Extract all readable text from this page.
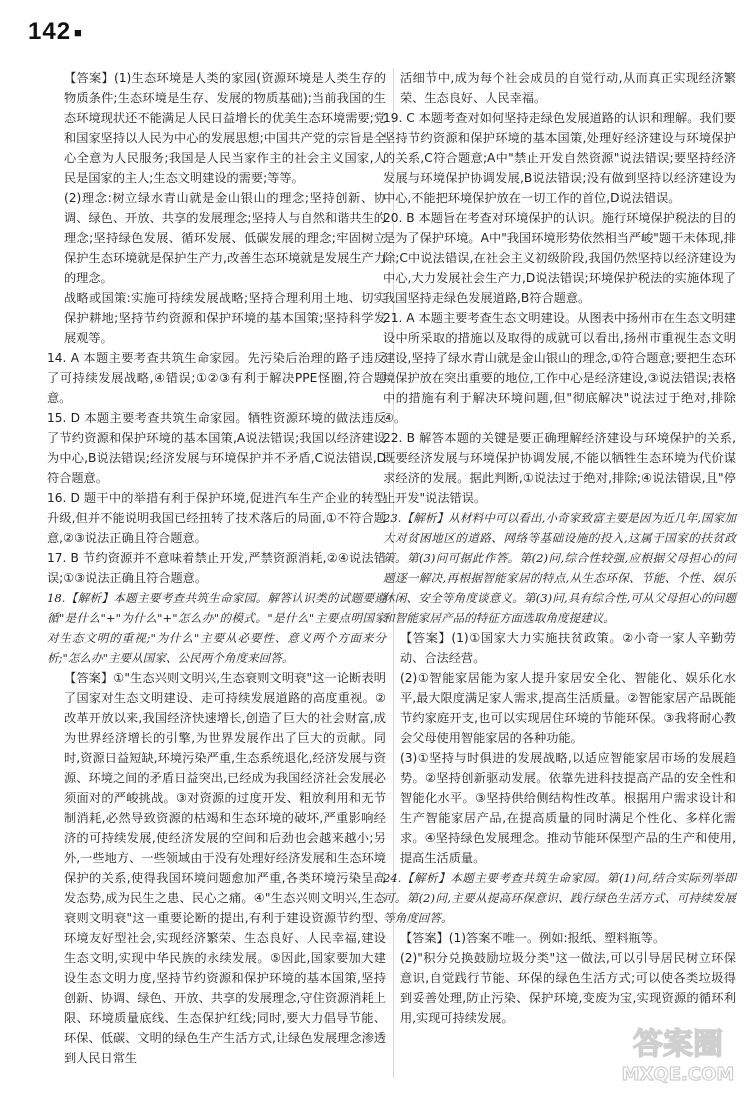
142 ■

【答案】(1)生态环境是人类的家园(资源环境是人类生存的物质条件;生态环境是生存、发展的物质基础);当前我国的生态环境现状还不能满足人民日益增长的优美生态环境需要;党和国家坚持以人民为中心的发展思想;中国共产党的宗旨是全心全意为人民服务;我国是人民当家作主的社会主义国家,人民是国家的主人;生态文明建设的需要;等等。

(2)理念:树立绿水青山就是金山银山的理念;坚持创新、协调、绿色、开放、共享的发展理念;坚持人与自然和谐共生的理念;坚持绿色发展、循环发展、低碳发展的理念;牢固树立保护生态环境就是保护生产力,改善生态环境就是发展生产力的理念。

战略或国策:实施可持续发展战略;坚持合理利用土地、切实保护耕地;坚持节约资源和保护环境的基本国策;坚持科学发展观等。

14. A 本题主要考查共筑生命家园。先污染后治理的路子违反了可持续发展战略,④错误;①②③有利于解决PPE怪圈,符合题意。

15. D 本题主要考查共筑生命家园。牺牲资源环境的做法违反了节约资源和保护环境的基本国策,A说法错误;我国以经济建设为中心,B说法错误;经济发展与环境保护并不矛盾,C说法错误,D符合题意。

16. D 题干中的举措有利于保护环境,促进汽车生产企业的转型升级,但并不能说明我国已经扭转了技术落后的局面,①不符合题意,②③说法正确且符合题意。

17. B 节约资源并不意味着禁止开发,严禁资源消耗,②④说法错误;①③说法正确且符合题意。

18.【解析】本题主要考查共筑生命家园。解答认识类的试题要遵循"是什么"+"为什么"+"怎么办"的模式。"是什么"主要点明国家对生态文明的重视;"为什么"主要从必要性、意义两个方面来分析;"怎么办"主要从国家、公民两个角度来回答。

【答案】①"生态兴则文明兴,生态衰则文明衰"这一论断表明了国家对生态文明建设、走可持续发展道路的高度重视。②改革开放以来,我国经济快速增长,创造了巨大的社会财富,成为世界经济增长的引擎,为世界发展作出了巨大的贡献。同时,资源日益短缺,环境污染严重,生态系统退化,经济发展与资源、环境之间的矛盾日益突出,已经成为我国经济社会发展必须面对的严峻挑战。③对资源的过度开发、粗放利用和无节制消耗,必然导致资源的枯竭和生态环境的破坏,严重影响经济的可持续发展,使经济发展的空间和后劲也会越来越小;另外,一些地方、一些领域由于没有处理好经济发展和生态环境保护的关系,使得我国环境问题愈加严重,各类环境污染呈高发态势,成为民生之患、民心之痛。④"生态兴则文明兴,生态衰则文明衰"这一重要论断的提出,有利于建设资源节约型、环境友好型社会,实现经济繁荣、生态良好、人民幸福,建设生态文明,实现中华民族的永续发展。⑤因此,国家要加大建设生态文明力度,坚持节约资源和保护环境的基本国策,坚持创新、协调、绿色、开放、共享的发展理念,守住资源消耗上限、环境质量底线、生态保护红线;同时,要大力倡导节能、环保、低碳、文明的绿色生产生活方式,让绿色发展理念渗透到人民日常生

活细节中,成为每个社会成员的自觉行动,从而真正实现经济繁荣、生态良好、人民幸福。

19. C 本题考查对如何坚持走绿色发展道路的认识和理解。我们要坚持节约资源和保护环境的基本国策,处理好经济建设与环境保护的关系,C符合题意;A中"禁止开发自然资源"说法错误;要坚持经济发展与环境保护协调发展,B说法错误;没有做到坚持以经济建设为中心,不能把环境保护放在一切工作的首位,D说法错误。

20. B 本题旨在考查对环境保护的认识。施行环境保护税法的目的是为了保护环境。A中"我国环境形势依然相当严峻"题干未体现,排除;C中说法错误,在社会主义初级阶段,我国仍然坚持以经济建设为中心,大力发展社会生产力,D说法错误;环境保护税法的实施体现了我国坚持走绿色发展道路,B符合题意。

21. A 本题主要考查生态文明建设。从图表中扬州市在生态文明建设中所采取的措施以及取得的成就可以看出,扬州市重视生态文明建设,坚持了绿水青山就是金山银山的理念,①符合题意;要把生态环境保护放在突出重要的地位,工作中心是经济建设,③说法错误;表格中的措施有利于解决环境问题,但"彻底解决"说法过于绝对,排除④。

22. B 解答本题的关键是要正确理解经济建设与环境保护的关系,既要经济发展与环境保护协调发展,不能以牺牲生态环境为代价谋求经济的发展。据此判断,①说法过于绝对,排除;④说法错误,且"停止开发"说法错误。

23.【解析】从材料中可以看出,小奇家致富主要是因为近几年,国家加大对贫困地区的道路、网络等基础设施的投入,这属于国家的扶贫政策。第(3)问可据此作答。第(2)问,综合性较强,应根据父母担心的问题逐一解决,再根据智能家居的特点,从生态环保、节能、个性、娱乐休闲、安全等角度谈意义。第(3)问,具有综合性,可从父母担心的问题和智能家居产品的特征方面选取角度提建议。

【答案】(1)①国家大力实施扶贫政策。②小奇一家人辛勤劳动、合法经营。

(2)①智能家居能为家人提升家居安全化、智能化、娱乐化水平,最大限度满足家人需求,提高生活质量。②智能家居产品既能节约家庭开支,也可以实现居住环境的节能环保。③我将耐心教会父母使用智能家居的各种功能。

(3)①坚持与时俱进的发展战略,以适应智能家居市场的发展趋势。②坚持创新驱动发展。依靠先进科技提高产品的安全性和智能化水平。③坚持供给侧结构性改革。根据用户需求设计和生产智能家居产品,在提高质量的同时满足个性化、多样化需求。④坚持绿色发展理念。推动节能环保型产品的生产和使用,提高生活质量。

24.【解析】本题主要考查共筑生命家园。第(1)问,结合实际列举即可。第(2)问,主要从提高环保意识、践行绿色生活方式、可持续发展等角度回答。

【答案】(1)答案不唯一。例如:报纸、塑料瓶等。

(2)"积分兑换鼓励垃圾分类"这一做法,可以引导居民树立环保意识,自觉践行节能、环保的绿色生活方式;可以使各类垃圾得到妥善处理,防止污染、保护环境,变废为宝,实现资源的循环利用,实现可持续发展。

答案圈
MXQE.COM
